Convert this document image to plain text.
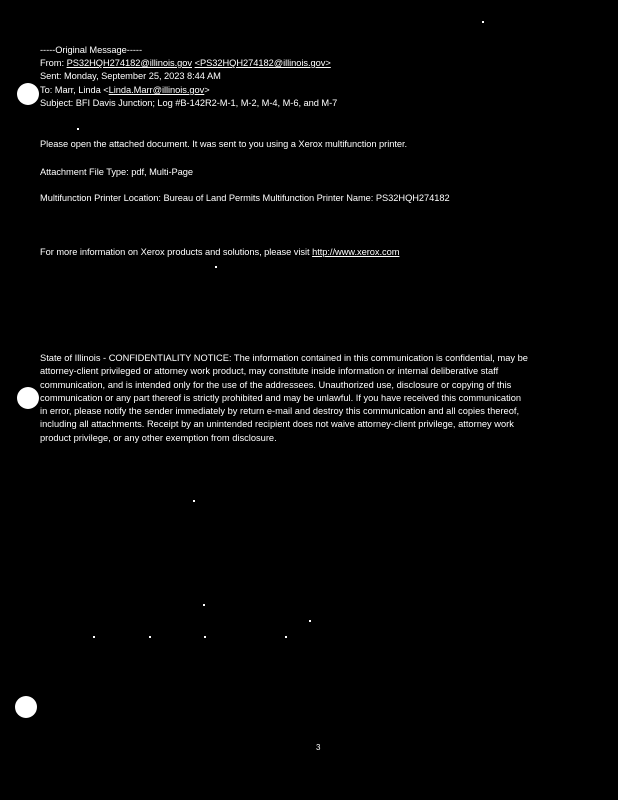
-----Original Message-----
From: PS32HQH274182@illinois.gov <PS32HQH274182@illinois.gov>
Sent: Monday, September 25, 2023 8:44 AM
To: Marr, Linda <Linda.Marr@illinois.gov>
Subject: BFI Davis Junction; Log #B-142R2-M-1, M-2, M-4, M-6, and M-7
Please open the attached document. It was sent to you using a Xerox multifunction printer.
Attachment File Type: pdf, Multi-Page
Multifunction Printer Location: Bureau of Land Permits Multifunction Printer Name: PS32HQH274182
For more information on Xerox products and solutions, please visit http://www.xerox.com
State of Illinois - CONFIDENTIALITY NOTICE: The information contained in this communication is confidential, may be
attorney-client privileged or attorney work product, may constitute inside information or internal deliberative staff
communication, and is intended only for the use of the addressees. Unauthorized use, disclosure or copying of this
communication or any part thereof is strictly prohibited and may be unlawful. If you have received this communication
in error, please notify the sender immediately by return e-mail and destroy this communication and all copies thereof,
including all attachments. Receipt by an unintended recipient does not waive attorney-client privilege, attorney work
product privilege, or any other exemption from disclosure.
3
